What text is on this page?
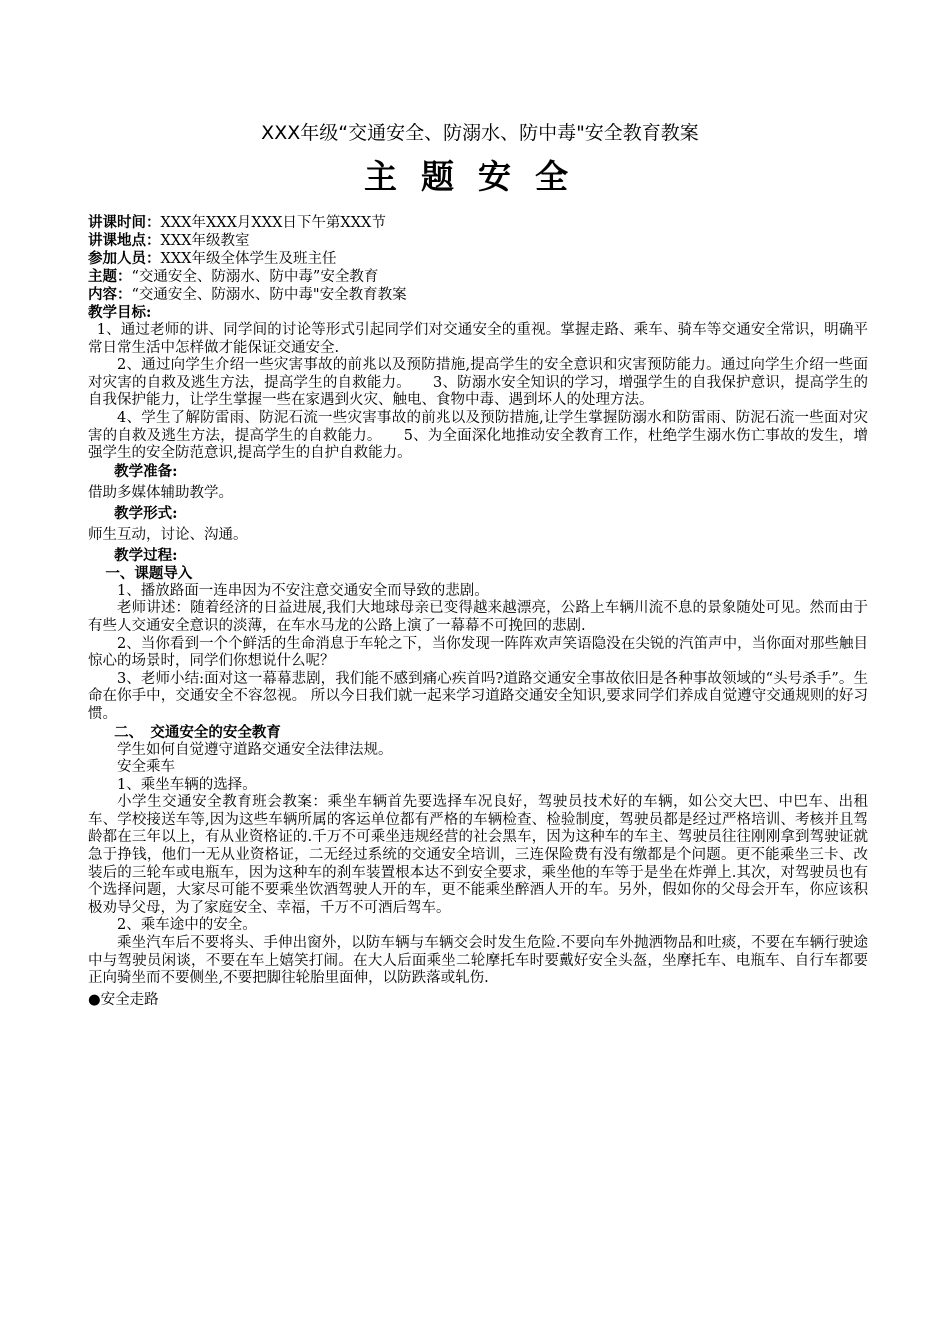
XXX年级“交通安全、防溺水、防中毒"安全教育教案
主题安全
讲课时间：XXX年XXX月XXX日下午第XXX节
讲课地点：XXX年级教室
参加人员：XXX年级全体学生及班主任
主题：“交通安全、防溺水、防中毒”安全教育
内容：“交通安全、防溺水、防中毒"安全教育教案
教学目标:

1、通过老师的讲、同学间的讨论等形式引起同学们对交通安全的重视。掌握走路、乘车、骑车等交通安全常识，明确平常日常生活中怎样做才能保证交通安全.

2、通过向学生介绍一些灾害事故的前兆以及预防措施,提高学生的安全意识和灾害预防能力。通过向学生介绍一些面对灾害的自救及逃生方法，提高学生的自救能力。　　3、防溺水安全知识的学习，增强学生的自我保护意识，提高学生的自我保护能力，让学生掌握一些在家遇到火灾、触电、食物中毒、遇到坏人的处理方法。

4、学生了解防雷雨、防泥石流一些灾害事故的前兆以及预防措施,让学生掌握防溺水和防雷雨、防泥石流一些面对灾害的自救及逃生方法，提高学生的自救能力。　　5、为全面深化地推动安全教育工作，杜绝学生溺水伤亡事故的发生，增强学生的安全防范意识,提高学生的自护自救能力。

教学准备:
借助多媒体辅助教学。
教学形式:
师生互动，讨论、沟通。
教学过程:
一、课题导入

1、播放路面一连串因为不安注意交通安全而导致的悲剧。

老师讲述：随着经济的日益进展,我们大地球母亲已变得越来越漂亮，公路上车辆川流不息的景象随处可见。然而由于有些人交通安全意识的淡薄，在车水马龙的公路上演了一幕幕不可挽回的悲剧.

2、当你看到一个个鲜活的生命消息于车轮之下，当你发现一阵阵欢声笑语隐没在尖锐的汽笛声中，当你面对那些触目惊心的场景时，同学们你想说什么呢？

3、老师小结:面对这一幕幕悲剧，我们能不感到痛心疾首吗?道路交通安全事故依旧是各种事故领域的“头号杀手”。生命在你手中，交通安全不容忽视。 所以今日我们就一起来学习道路交通安全知识,要求同学们养成自觉遵守交通规则的好习惯。

二、　交通安全的安全教育

学生如何自觉遵守道路交通安全法律法规。

安全乘车

1、乘坐车辆的选择。

小学生交通安全教育班会教案：乘坐车辆首先要选择车况良好，驾驶员技术好的车辆，如公交大巴、中巴车、出租车、学校接送车等,因为这些车辆所属的客运单位都有严格的车辆检查、检验制度，驾驶员都是经过严格培训、考核并且驾龄都在三年以上，有从业资格证的.千万不可乘坐违规经营的社会黑车，因为这种车的车主、驾驶员往往刚刚拿到驾驶证就急于挣钱，他们一无从业资格证，二无经过系统的交通安全培训，三连保险费有没有缴都是个问题。更不能乘坐三卡、改装后的三轮车或电瓶车，因为这种车的刹车装置根本达不到安全要求，乘坐他的车等于是坐在炸弹上.其次，对驾驶员也有个选择问题，大家尽可能不要乘坐饮酒驾驶人开的车，更不能乘坐醉酒人开的车。另外，假如你的父母会开车，你应该积极劝导父母，为了家庭安全、幸福，千万不可酒后驾车。

2、乘车途中的安全。

乘坐汽车后不要将头、手伸出窗外，以防车辆与车辆交会时发生危险.不要向车外抛洒物品和吐痰，不要在车辆行驶途中与驾驶员闲谈，不要在车上嬉笑打闹。在大人后面乘坐二轮摩托车时要戴好安全头盔，坐摩托车、电瓶车、自行车都要正向骑坐而不要侧坐,不要把脚往轮胎里面伸，以防跌落或轧伤.

●安全走路
